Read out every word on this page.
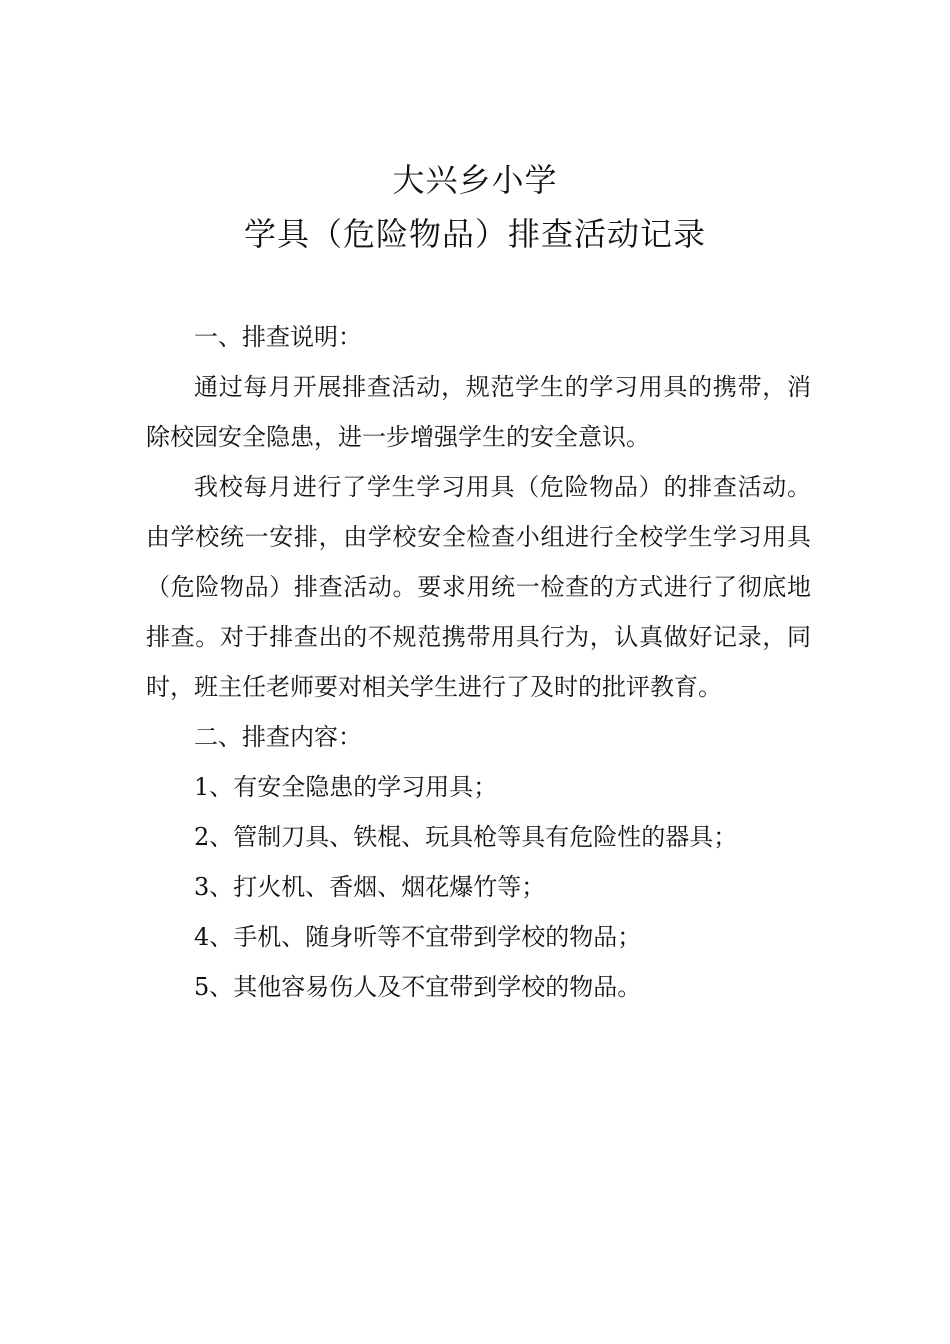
大兴乡小学
学具（危险物品）排查活动记录

一、排查说明：

通过每月开展排查活动，规范学生的学习用具的携带，消除校园安全隐患，进一步增强学生的安全意识。

我校每月进行了学生学习用具（危险物品）的排查活动。由学校统一安排，由学校安全检查小组进行全校学生学习用具（危险物品）排查活动。要求用统一检查的方式进行了彻底地排查。对于排查出的不规范携带用具行为，认真做好记录，同时，班主任老师要对相关学生进行了及时的批评教育。

二、排查内容：

1、有安全隐患的学习用具；

2、管制刀具、铁棍、玩具枪等具有危险性的器具；

3、打火机、香烟、烟花爆竹等；

4、手机、随身听等不宜带到学校的物品；

5、其他容易伤人及不宜带到学校的物品。
